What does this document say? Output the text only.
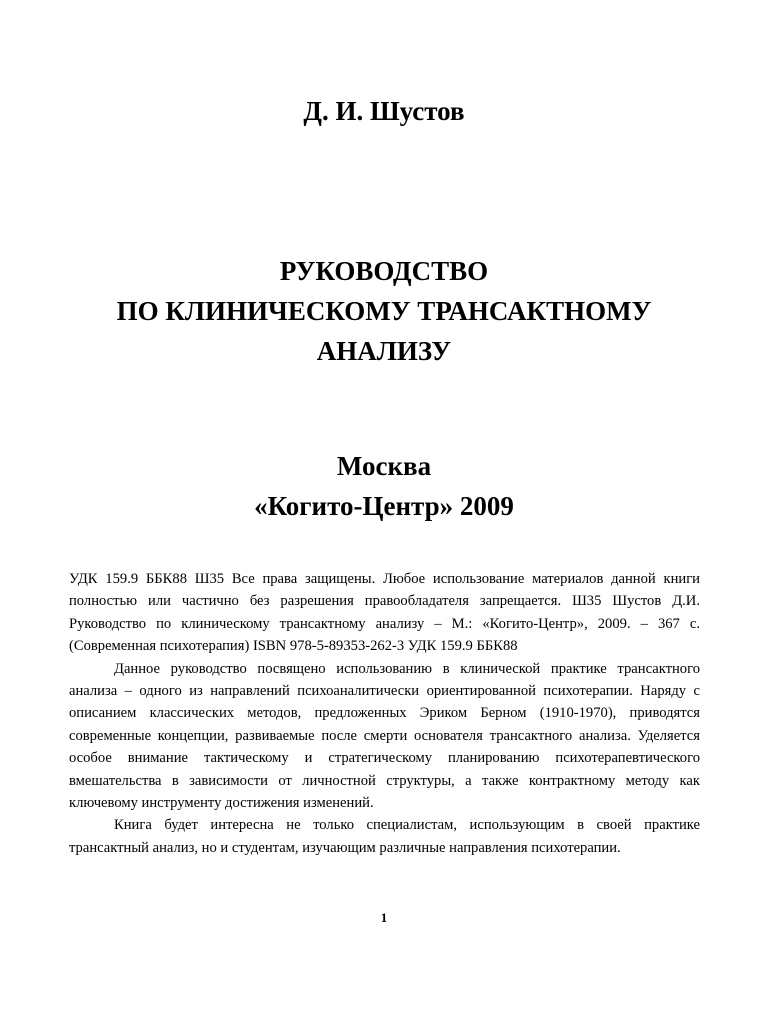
Д. И. Шустов
РУКОВОДСТВО
ПО КЛИНИЧЕСКОМУ ТРАНСАКТНОМУ
АНАЛИЗУ
Москва
«Когито-Центр» 2009

УДК 159.9 ББК88 Ш35 Все права защищены. Любое использование материалов данной книги полностью или частично без разрешения правообладателя запрещается. Ш35 Шустов Д.И. Руководство по клиническому трансактному анализу – М.: «Когито-Центр», 2009. – 367 с. (Современная психотерапия) ISBN 978-5-89353-262-3 УДК 159.9 ББК88

Данное руководство посвящено использованию в клинической практике трансактного анализа – одного из направлений психоаналитически ориентированной психотерапии. Наряду с описанием классических методов, предложенных Эриком Берном (1910-1970), приводятся современные концепции, развиваемые после смерти основателя трансактного анализа. Уделяется особое внимание тактическому и стратегическому планированию психотерапевтического вмешательства в зависимости от личностной структуры, а также контрактному методу как ключевому инструменту достижения изменений.

Книга будет интересна не только специалистам, использующим в своей практике трансактный анализ, но и студентам, изучающим различные направления психотерапии.

1
